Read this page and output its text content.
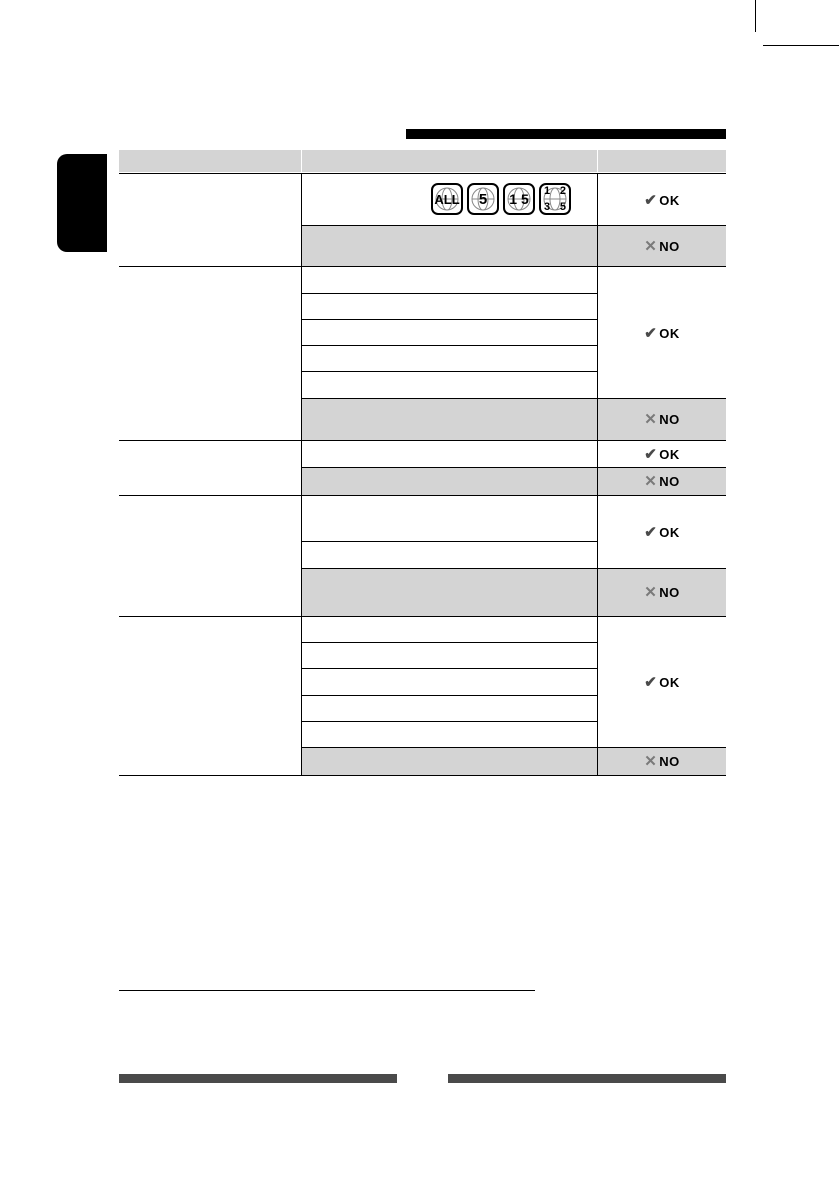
ALL 5 1 5 1 2
3 5	✔ OK
✕ NO
✔ OK
✕ NO
✔ OK
✕ NO
✔ OK
✕ NO
✔ OK
✕ NO
